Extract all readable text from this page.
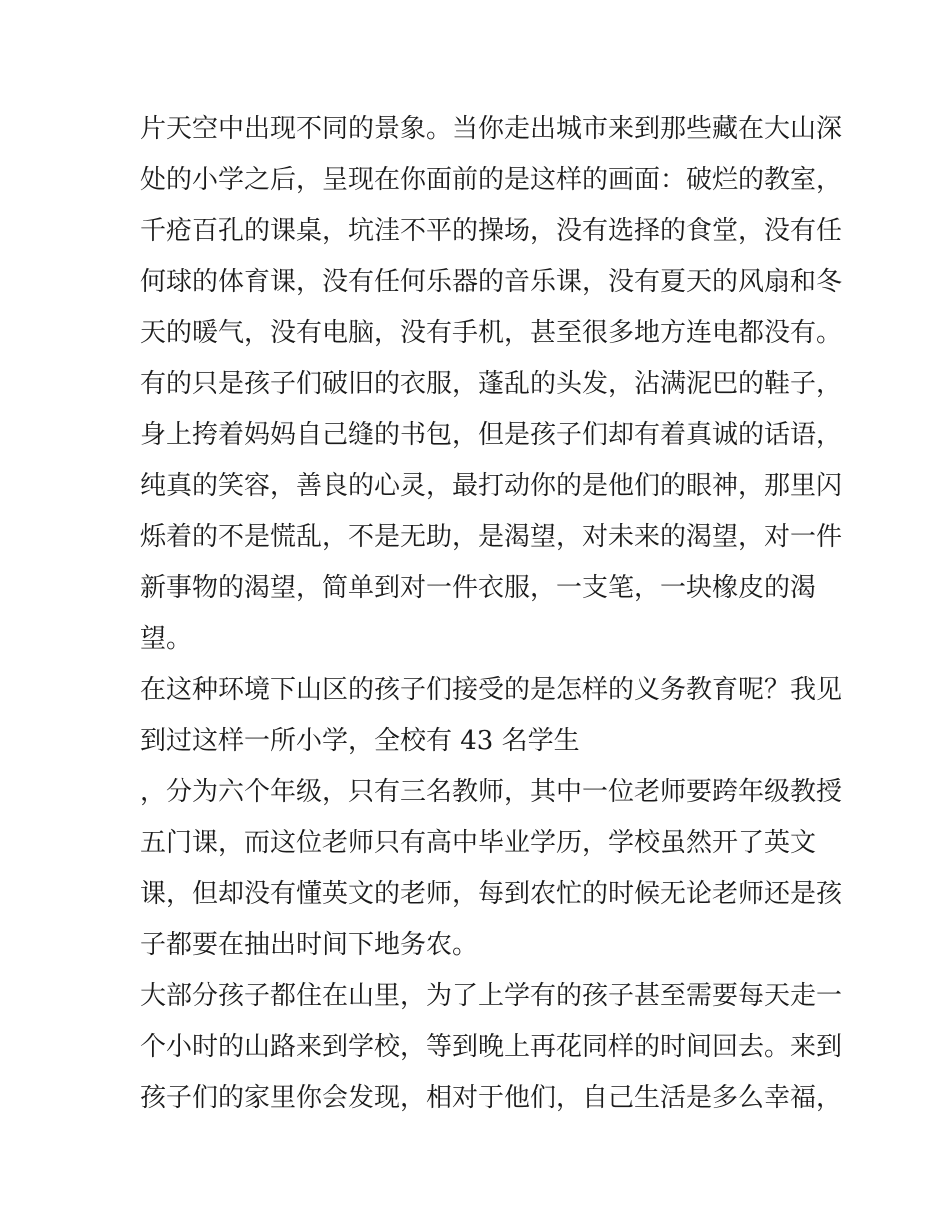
片天空中出现不同的景象。当你走出城市来到那些藏在大山深
处的小学之后，呈现在你面前的是这样的画面：破烂的教室，
千疮百孔的课桌，坑洼不平的操场，没有选择的食堂，没有任
何球的体育课，没有任何乐器的音乐课，没有夏天的风扇和冬
天的暖气，没有电脑，没有手机，甚至很多地方连电都没有。
有的只是孩子们破旧的衣服，蓬乱的头发，沾满泥巴的鞋子，
身上挎着妈妈自己缝的书包，但是孩子们却有着真诚的话语，
纯真的笑容，善良的心灵，最打动你的是他们的眼神，那里闪
烁着的不是慌乱，不是无助，是渴望，对未来的渴望，对一件
新事物的渴望，简单到对一件衣服，一支笔，一块橡皮的渴
望。
在这种环境下山区的孩子们接受的是怎样的义务教育呢？我见
到过这样一所小学，全校有 43 名学生
，分为六个年级，只有三名教师，其中一位老师要跨年级教授
五门课，而这位老师只有高中毕业学历，学校虽然开了英文
课，但却没有懂英文的老师，每到农忙的时候无论老师还是孩
子都要在抽出时间下地务农。
大部分孩子都住在山里，为了上学有的孩子甚至需要每天走一
个小时的山路来到学校，等到晚上再花同样的时间回去。来到
孩子们的家里你会发现，相对于他们，自己生活是多么幸福，
